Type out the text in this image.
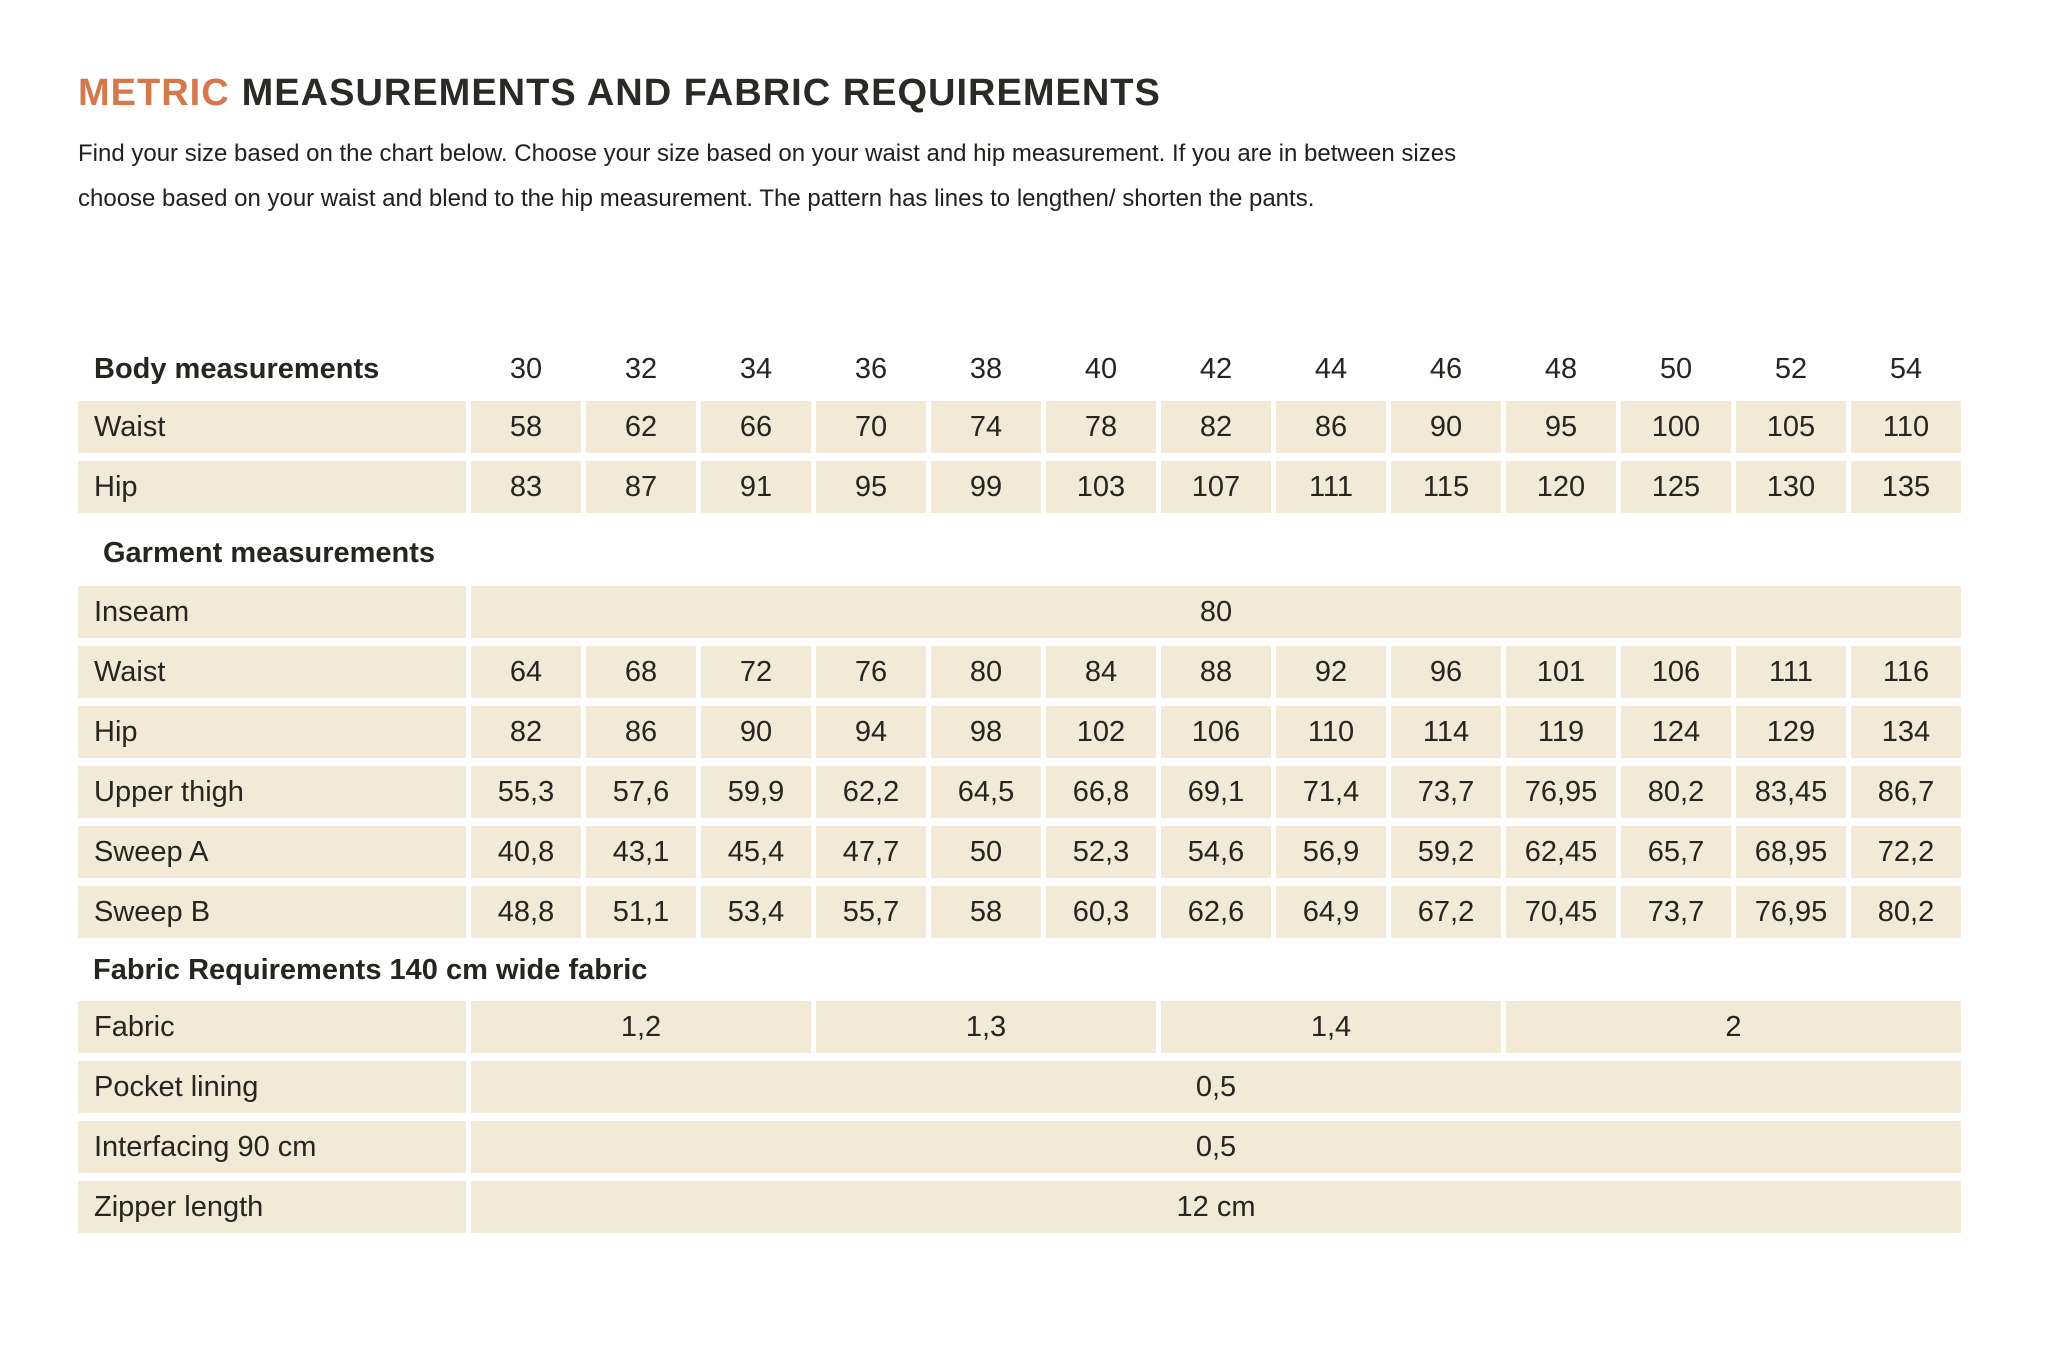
METRIC MEASUREMENTS AND FABRIC REQUIREMENTS
Find your size based on the chart below. Choose your size based on your waist and hip measurement. If you are in between sizes
choose based on your waist and blend to the hip measurement. The pattern has lines to lengthen/ shorten the pants.
Body measurements	30	32	34	36	38	40	42	44	46	48	50	52	54
Waist	58	62	66	70	74	78	82	86	90	95	100	105	110
Hip	83	87	91	95	99	103	107	111	115	120	125	130	135
Garment measurements
Inseam	80
Waist	64	68	72	76	80	84	88	92	96	101	106	111	116
Hip	82	86	90	94	98	102	106	110	114	119	124	129	134
Upper thigh	55,3	57,6	59,9	62,2	64,5	66,8	69,1	71,4	73,7	76,95	80,2	83,45	86,7
Sweep A	40,8	43,1	45,4	47,7	50	52,3	54,6	56,9	59,2	62,45	65,7	68,95	72,2
Sweep B	48,8	51,1	53,4	55,7	58	60,3	62,6	64,9	67,2	70,45	73,7	76,95	80,2
Fabric Requirements 140 cm wide fabric
Fabric	1,2	1,3	1,4	2
Pocket lining	0,5
Interfacing 90 cm	0,5
Zipper length	12 cm
